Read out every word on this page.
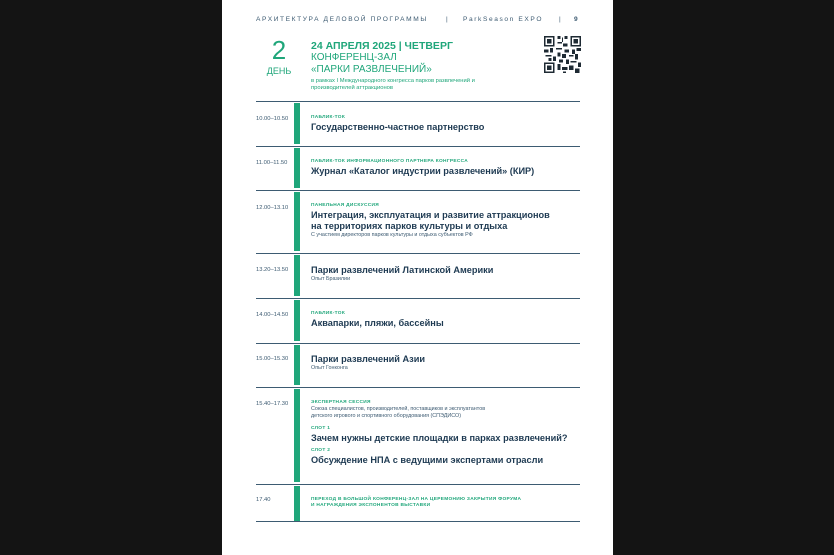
АРХИТЕКТУРА ДЕЛОВОЙ ПРОГРАММЫ	| ParkSeason EXPO | 9
2
ДЕНЬ
24 АПРЕЛЯ 2025 | ЧЕТВЕРГ
КОНФЕРЕНЦ-ЗАЛ
«ПАРКИ РАЗВЛЕЧЕНИЙ»
в рамках I Международного конгресса парков развлечений и производителей аттракционов
10.00–10.50	ПАБЛИК-ТОК
Государственно-частное партнерство
11.00–11.50	ПАБЛИК-ТОК ИНФОРМАЦИОННОГО ПАРТНЕРА КОНГРЕССА
Журнал «Каталог индустрии развлечений» (КИР)
12.00–13.10	ПАНЕЛЬНАЯ ДИСКУССИЯ
Интеграция, эксплуатация и развитие аттракционов
на территориях парков культуры и отдыха
С участием директоров парков культуры и отдыха субъектов РФ
13.20–13.50 Парки развлечений Латинской Америки
Опыт Бразилии
14.00–14.50	ПАБЛИК-ТОК
Аквапарки, пляжи, бассейны
15.00–15.30 Парки развлечений Азии
Опыт Гонконга
15.40–17.30	ЭКСПЕРТНАЯ СЕССИЯ
Союза специалистов, производителей, поставщиков и эксплуатантов
детского игрового и спортивного оборудования (СПЭДИСО)
СЛОТ 1
Зачем нужны детские площадки в парках развлечений?
СЛОТ 2
Обсуждение НПА с ведущими экспертами отрасли
17.40	ПЕРЕХОД В БОЛЬШОЙ КОНФЕРЕНЦ-ЗАЛ НА ЦЕРЕМОНИЮ ЗАКРЫТИЯ ФОРУМА
И НАГРАЖДЕНИЯ ЭКСПОНЕНТОВ ВЫСТАВКИ
